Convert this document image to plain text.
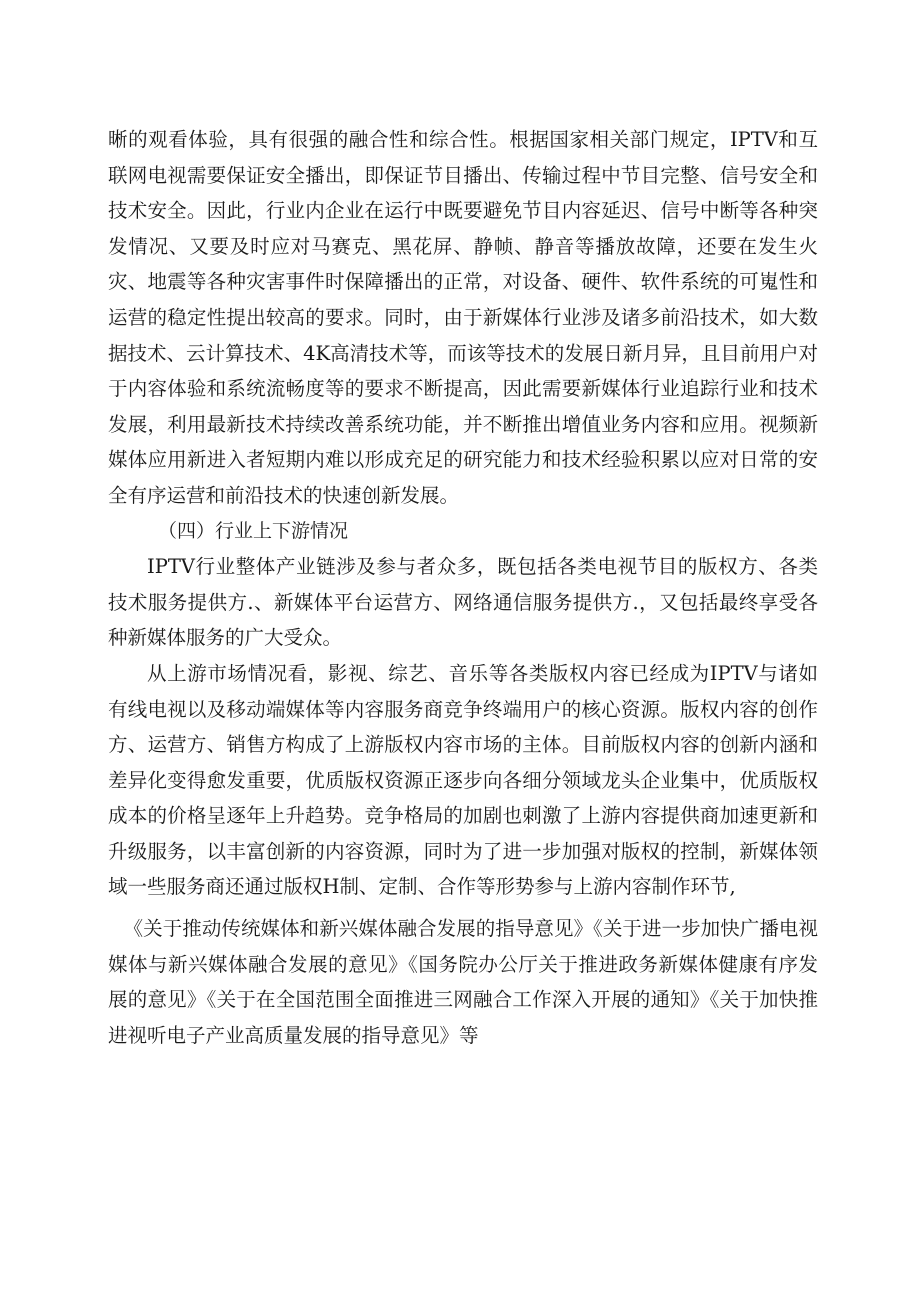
晰的观看体验，具有很强的融合性和综合性。根据国家相关部门规定，IPTV和互联网电视需要保证安全播出，即保证节目播出、传输过程中节目完整、信号安全和技术安全。因此，行业内企业在运行中既要避免节目内容延迟、信号中断等各种突发情况、又要及时应对马赛克、黑花屏、静帧、静音等播放故障，还要在发生火灾、地震等各种灾害事件时保障播出的正常，对设备、硬件、软件系统的可嵬性和运营的稳定性提出较高的要求。同时，由于新媒体行业涉及诸多前沿技术，如大数据技术、云计算技术、4K高清技术等，而该等技术的发展日新月异，且目前用户对于内容体验和系统流畅度等的要求不断提高，因此需要新媒体行业追踪行业和技术发展，利用最新技术持续改善系统功能，并不断推出增值业务内容和应用。视频新媒体应用新进入者短期内难以形成充足的研究能力和技术经验积累以应对日常的安全有序运营和前沿技术的快速创新发展。

（四）行业上下游情况

IPTV行业整体产业链涉及参与者众多，既包括各类电视节目的版权方、各类技术服务提供方.、新媒体平台运营方、网络通信服务提供方.，又包括最终享受各种新媒体服务的广大受众。

从上游市场情况看，影视、综艺、音乐等各类版权内容已经成为IPTV与诸如有线电视以及移动端媒体等内容服务商竞争终端用户的核心资源。版权内容的创作方、运营方、销售方构成了上游版权内容市场的主体。目前版权内容的创新内涵和差异化变得愈发重要，优质版权资源正逐步向各细分领域龙头企业集中，优质版权成本的价格呈逐年上升趋势。竞争格局的加剧也刺激了上游内容提供商加速更新和升级服务，以丰富创新的内容资源，同时为了进一步加强对版权的控制，新媒体领域一些服务商还通过版权H制、定制、合作等形势参与上游内容制作环节,

《关于推动传统媒体和新兴媒体融合发展的指导意见》《关于进一步加快广播电视媒体与新兴媒体融合发展的意见》《国务院办公厅关于推进政务新媒体健康有序发展的意见》《关于在全国范围全面推进三网融合工作深入开展的通知》《关于加快推进视听电子产业高质量发展的指导意见》等
